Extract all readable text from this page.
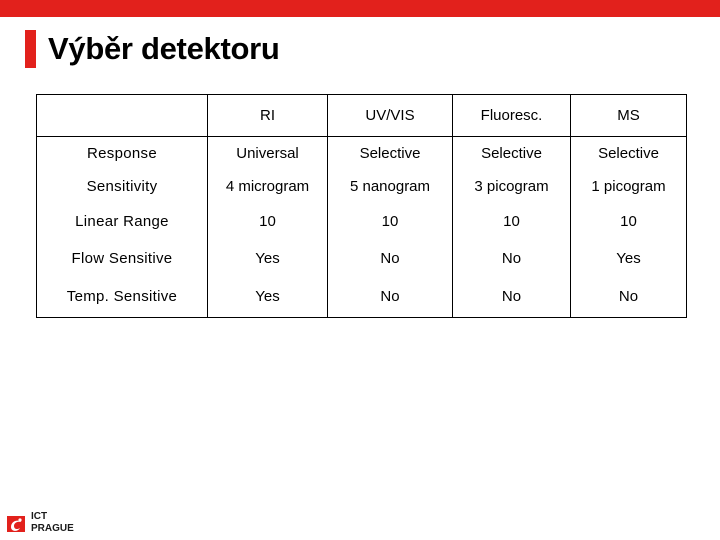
Výběr detektoru
	RI	UV/VIS	Fluoresc.	MS
Response	Universal	Selective	Selective	Selective
Sensitivity	4 microgram	5 nanogram	3 picogram	1 picogram
Linear Range	10	10	10	10
Flow Sensitive	Yes	No	No	Yes
Temp. Sensitive	Yes	No	No	No
ICT
PRAGUE
